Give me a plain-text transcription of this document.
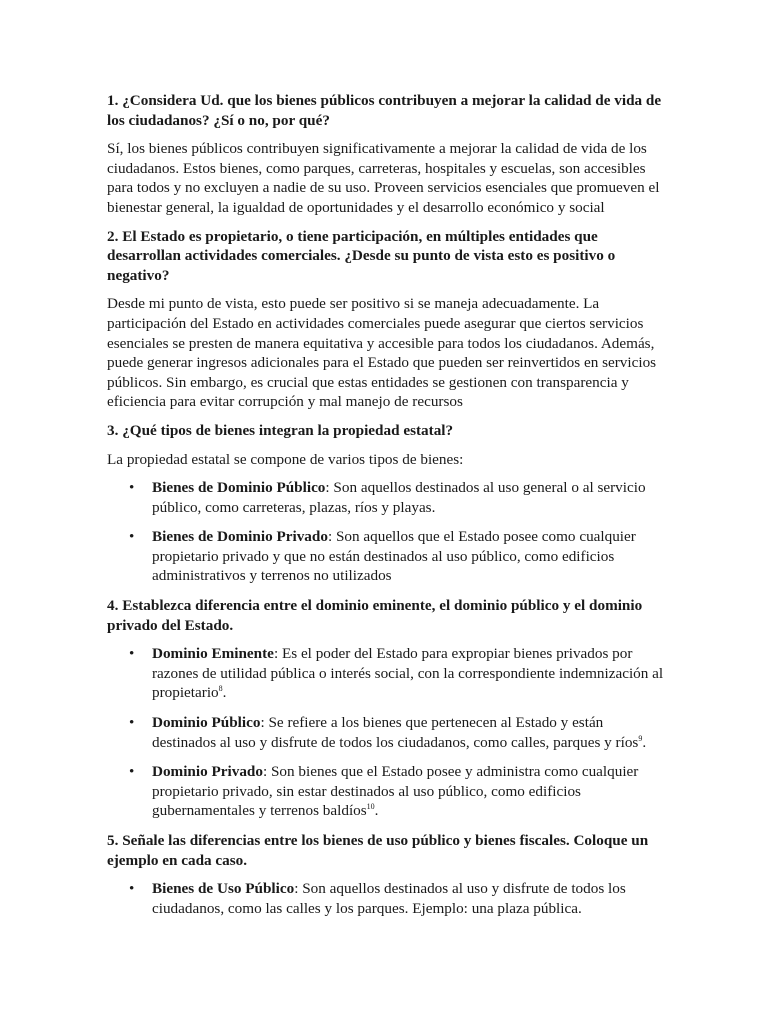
1. ¿Considera Ud. que los bienes públicos contribuyen a mejorar la calidad de vida de los ciudadanos? ¿Sí o no, por qué?
Sí, los bienes públicos contribuyen significativamente a mejorar la calidad de vida de los ciudadanos. Estos bienes, como parques, carreteras, hospitales y escuelas, son accesibles para todos y no excluyen a nadie de su uso. Proveen servicios esenciales que promueven el bienestar general, la igualdad de oportunidades y el desarrollo económico y social
2. El Estado es propietario, o tiene participación, en múltiples entidades que desarrollan actividades comerciales. ¿Desde su punto de vista esto es positivo o negativo?
Desde mi punto de vista, esto puede ser positivo si se maneja adecuadamente. La participación del Estado en actividades comerciales puede asegurar que ciertos servicios esenciales se presten de manera equitativa y accesible para todos los ciudadanos. Además, puede generar ingresos adicionales para el Estado que pueden ser reinvertidos en servicios públicos. Sin embargo, es crucial que estas entidades se gestionen con transparencia y eficiencia para evitar corrupción y mal manejo de recursos
3. ¿Qué tipos de bienes integran la propiedad estatal?
La propiedad estatal se compone de varios tipos de bienes:
• Bienes de Dominio Público: Son aquellos destinados al uso general o al servicio público, como carreteras, plazas, ríos y playas.
• Bienes de Dominio Privado: Son aquellos que el Estado posee como cualquier propietario privado y que no están destinados al uso público, como edificios administrativos y terrenos no utilizados
4. Establezca diferencia entre el dominio eminente, el dominio público y el dominio privado del Estado.
• Dominio Eminente: Es el poder del Estado para expropiar bienes privados por razones de utilidad pública o interés social, con la correspondiente indemnización al propietario$^8$.
• Dominio Público: Se refiere a los bienes que pertenecen al Estado y están destinados al uso y disfrute de todos los ciudadanos, como calles, parques y ríos$^9$.
• Dominio Privado: Son bienes que el Estado posee y administra como cualquier propietario privado, sin estar destinados al uso público, como edificios gubernamentales y terrenos baldíos$^{10}$.
5. Señale las diferencias entre los bienes de uso público y bienes fiscales. Coloque un ejemplo en cada caso.
• Bienes de Uso Público: Son aquellos destinados al uso y disfrute de todos los ciudadanos, como las calles y los parques. Ejemplo: una plaza pública.
